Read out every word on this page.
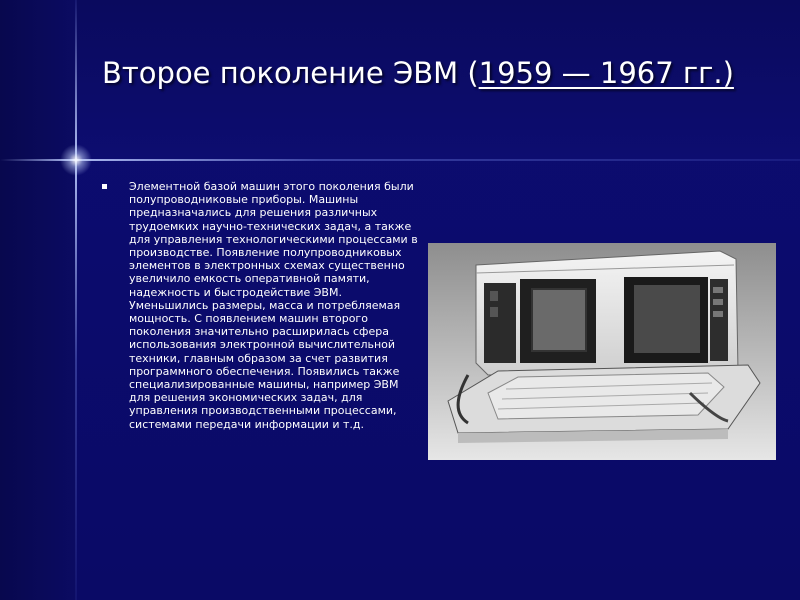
Второе поколение ЭВМ (1959 — 1967 гг.)
Элементной базой машин этого поколения были полупроводниковые приборы. Машины предназначались для решения различных трудоемких научно-технических задач, а также для управления технологическими процессами в производстве. Появление полупроводниковых элементов в электронных схемах существенно увеличило емкость оперативной памяти, надежность и быстродействие ЭВМ. Уменьшились размеры, масса и потребляемая мощность. С появлением машин второго поколения значительно расширилась сфера использования электронной вычислительной техники, главным образом за счет развития программного обеспечения. Появились также специализированные машины, например ЭВМ для решения экономических задач, для управления производственными процессами, системами передачи информации и т.д.
